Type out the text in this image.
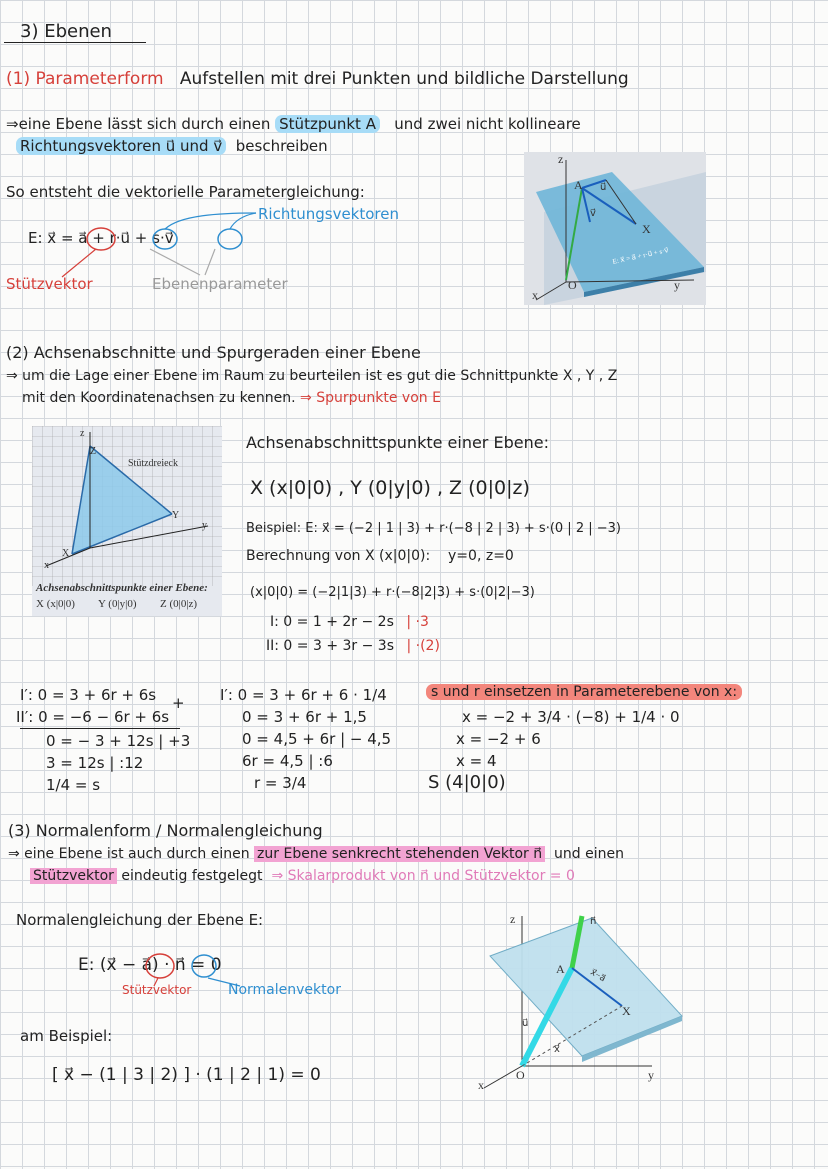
3) Ebenen
(1) Parameterform Aufstellen mit drei Punkten und bildliche Darstellung
⇒eine Ebene lässt sich durch einen Stützpunkt A und zwei nicht kollineare
Richtungsvektoren u⃗ und v⃗ beschreiben
So entsteht die vektorielle Parametergleichung:
Richtungsvektoren
E: x⃗ = a⃗ + r·u⃗ + s·v⃗
Stützvektor	Ebenenparameter
z
A
X
O	y
x
u⃗
v⃗
E: x⃗ = a⃗ + r·u⃗ + s·v⃗
(2) Achsenabschnitte und Spurgeraden einer Ebene
⇒ um die Lage einer Ebene im Raum zu beurteilen ist es gut die Schnittpunkte X , Y , Z
mit den Koordinatenachsen zu kennen. ⇒ Spurpunkte von E
Stützdreieck
Z
Y
X
z
y
x
Achsenabschnittspunkte einer Ebene:
X (x|0|0) Y (0|y|0) Z (0|0|z)
Achsenabschnittspunkte einer Ebene:
X (x|0|0) , Y (0|y|0) , Z (0|0|z)
Beispiel: E: x⃗ = (−2 | 1 | 3) + r·(−8 | 2 | 3) + s·(0 | 2 | −3)
Berechnung von X (x|0|0): y=0, z=0
(x|0|0) = (−2|1|3) + r·(−8|2|3) + s·(0|2|−3)
I: 0 = 1 + 2r − 2s | ·3
II: 0 = 3 + 3r − 3s | ·(2)
I′: 0 = 3 + 6r + 6s +
II′: 0 = −6 − 6r + 6s
0 = − 3 + 12s | +3
3 = 12s | :12
1/4 = s
I′: 0 = 3 + 6r + 6 · 1/4
0 = 3 + 6r + 1,5
0 = 4,5 + 6r | − 4,5
6r = 4,5 | :6
r = 3/4
s und r einsetzen in Parameterebene von x:
x = −2 + 3/4 · (−8) + 1/4 · 0
x = −2 + 6
x = 4
S (4|0|0)
(3) Normalenform / Normalengleichung
⇒ eine Ebene ist auch durch einen zur Ebene senkrecht stehenden Vektor n⃗ und einen
Stützvektor eindeutig festgelegt ⇒ Skalarprodukt von n⃗ und Stützvektor = 0
Normalengleichung der Ebene E:
E: (x⃗ − a⃗) · n⃗ = 0
Stützvektor	Normalenvektor
am Beispiel:
[ x⃗ − (1 | 3 | 2) ] · (1 | 2 | 1) = 0
z	n⃗
A
X
x⃗−a⃗
u⃗
x⃗
O	y
x
